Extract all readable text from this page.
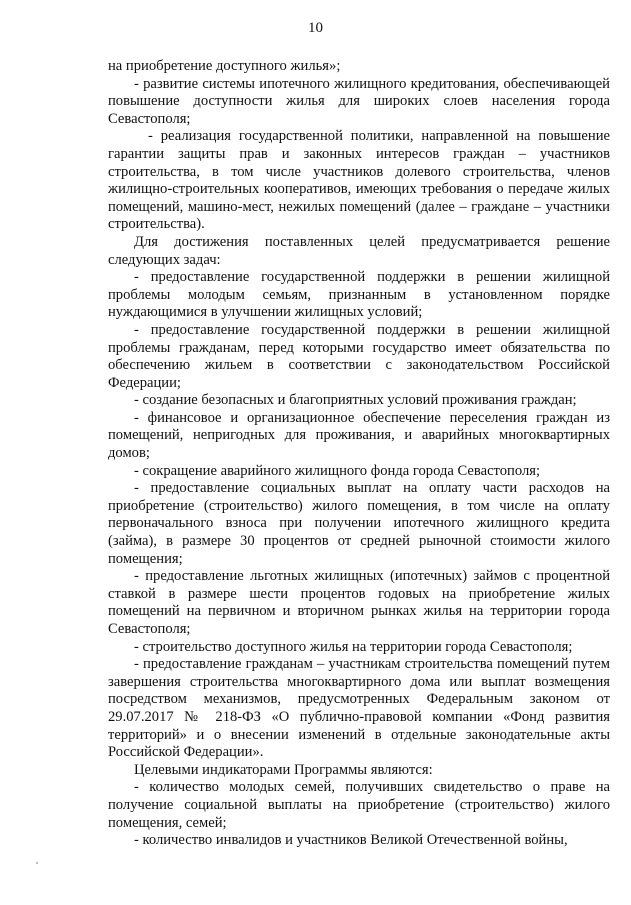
10

на приобретение доступного жилья»;

- развитие системы ипотечного жилищного кредитования, обеспечивающей повышение доступности жилья для широких слоев населения города Севастополя;

- реализация государственной политики, направленной на повышение гарантии защиты прав и законных интересов граждан – участников строительства, в том числе участников долевого строительства, членов жилищно-строительных кооперативов, имеющих требования о передаче жилых помещений, машино-мест, нежилых помещений (далее – граждане – участники строительства).

Для достижения поставленных целей предусматривается решение следующих задач:

- предоставление государственной поддержки в решении жилищной проблемы молодым семьям, признанным в установленном порядке нуждающимися в улучшении жилищных условий;

- предоставление государственной поддержки в решении жилищной проблемы гражданам, перед которыми государство имеет обязательства по обеспечению жильем в соответствии с законодательством Российской Федерации;

- создание безопасных и благоприятных условий проживания граждан;

- финансовое и организационное обеспечение переселения граждан из помещений, непригодных для проживания, и аварийных многоквартирных домов;

- сокращение аварийного жилищного фонда города Севастополя;

- предоставление социальных выплат на оплату части расходов на приобретение (строительство) жилого помещения, в том числе на оплату первоначального взноса при получении ипотечного жилищного кредита (займа), в размере 30 процентов от средней рыночной стоимости жилого помещения;

- предоставление льготных жилищных (ипотечных) займов с процентной ставкой в размере шести процентов годовых на приобретение жилых помещений на первичном и вторичном рынках жилья на территории города Севастополя;

- строительство доступного жилья на территории города Севастополя;

- предоставление гражданам – участникам строительства помещений путем завершения строительства многоквартирного дома или выплат возмещения посредством механизмов, предусмотренных Федеральным законом от 29.07.2017 № 218-ФЗ «О публично-правовой компании «Фонд развития территорий» и о внесении изменений в отдельные законодательные акты Российской Федерации».

Целевыми индикаторами Программы являются:

- количество молодых семей, получивших свидетельство о праве на получение социальной выплаты на приобретение (строительство) жилого помещения, семей;

- количество инвалидов и участников Великой Отечественной войны,
